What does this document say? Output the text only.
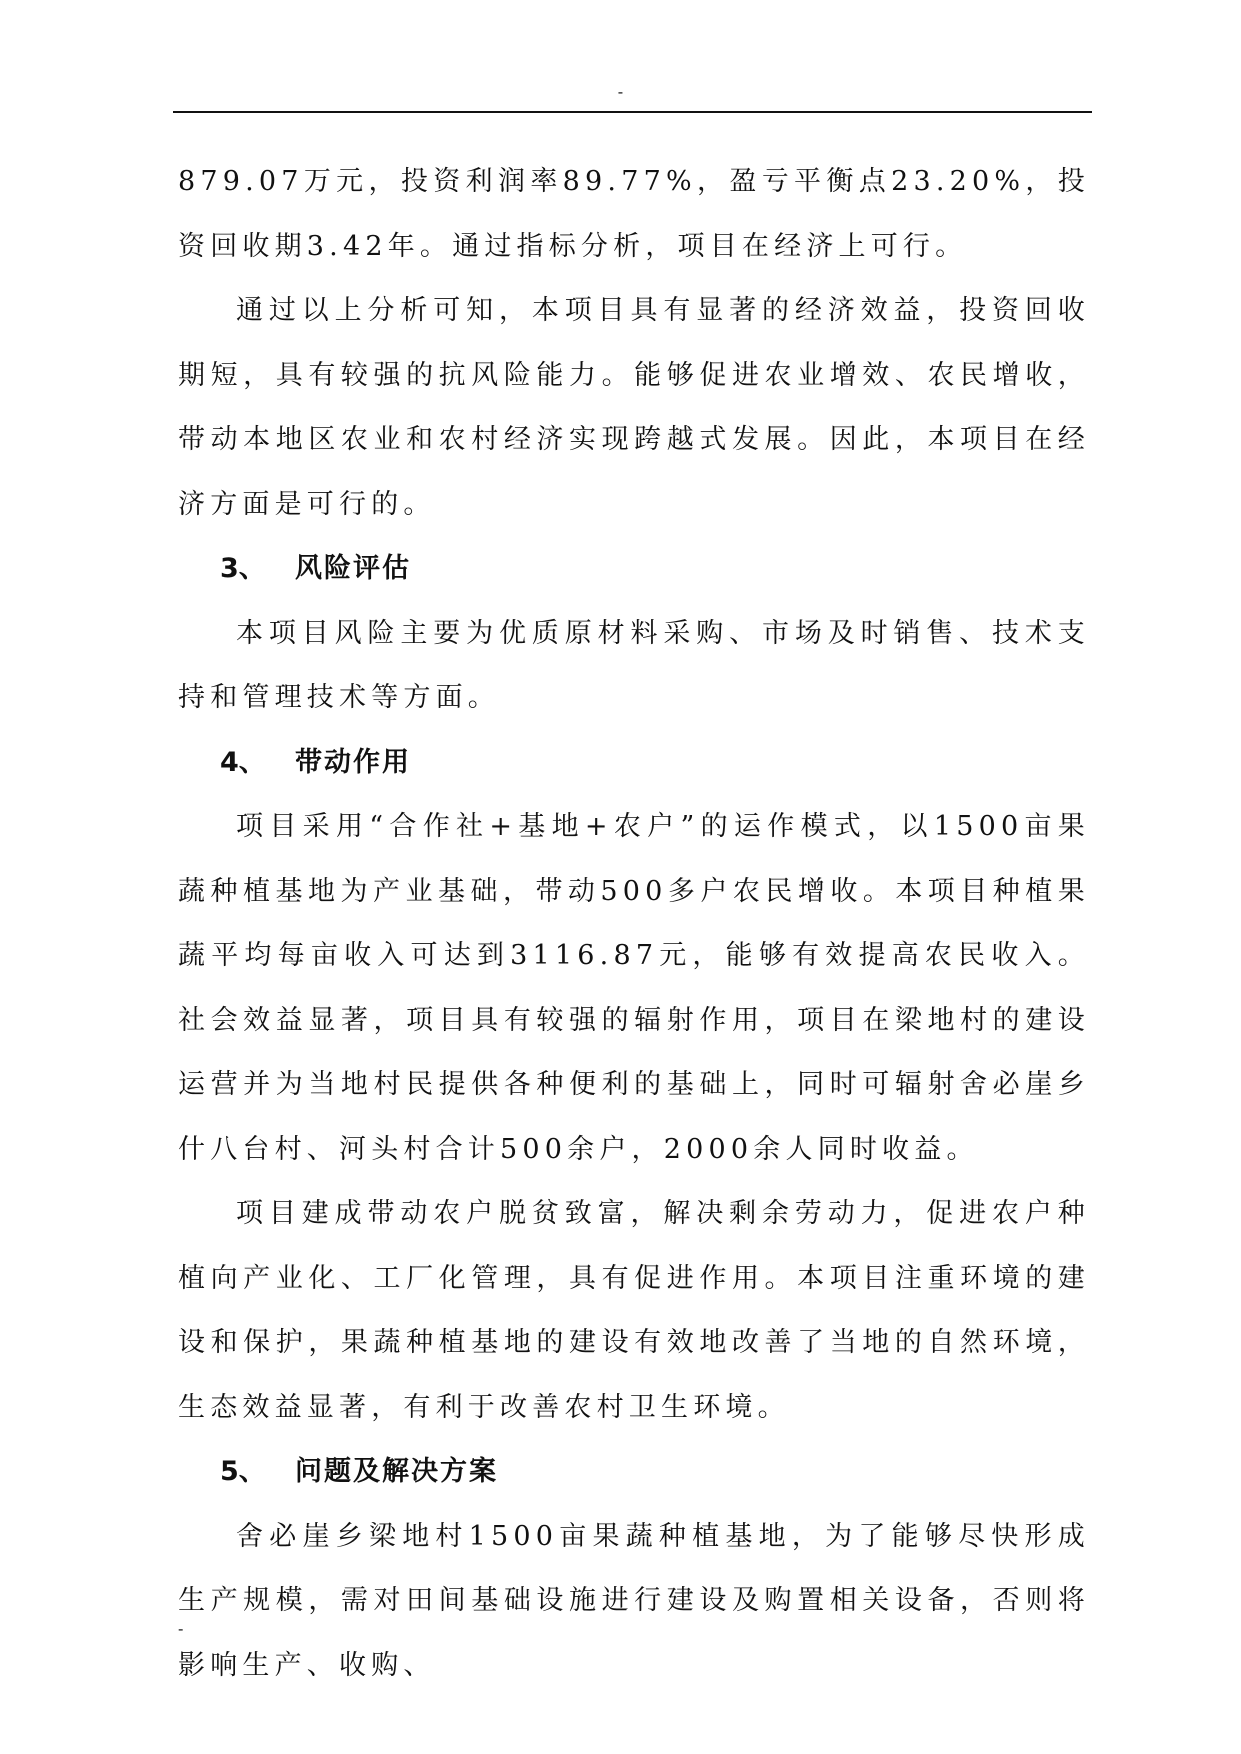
-

879.07万元，投资利润率89.77%，盈亏平衡点23.20%，投资回收期3.42年。通过指标分析，项目在经济上可行。

通过以上分析可知，本项目具有显著的经济效益，投资回收期短，具有较强的抗风险能力。能够促进农业增效、农民增收，带动本地区农业和农村经济实现跨越式发展。因此，本项目在经济方面是可行的。

3、 风险评估

本项目风险主要为优质原材料采购、市场及时销售、技术支持和管理技术等方面。

4、 带动作用

项目采用“合作社+基地+农户”的运作模式，以1500亩果蔬种植基地为产业基础，带动500多户农民增收。本项目种植果蔬平均每亩收入可达到3116.87元，能够有效提高农民收入。社会效益显著，项目具有较强的辐射作用，项目在梁地村的建设运营并为当地村民提供各种便利的基础上，同时可辐射舍必崖乡什八台村、河头村合计500余户，2000余人同时收益。

项目建成带动农户脱贫致富，解决剩余劳动力，促进农户种植向产业化、工厂化管理，具有促进作用。本项目注重环境的建设和保护，果蔬种植基地的建设有效地改善了当地的自然环境，生态效益显著，有利于改善农村卫生环境。

5、 问题及解决方案

舍必崖乡梁地村1500亩果蔬种植基地，为了能够尽快形成生产规模，需对田间基础设施进行建设及购置相关设备，否则将影响生产、收购、

-
